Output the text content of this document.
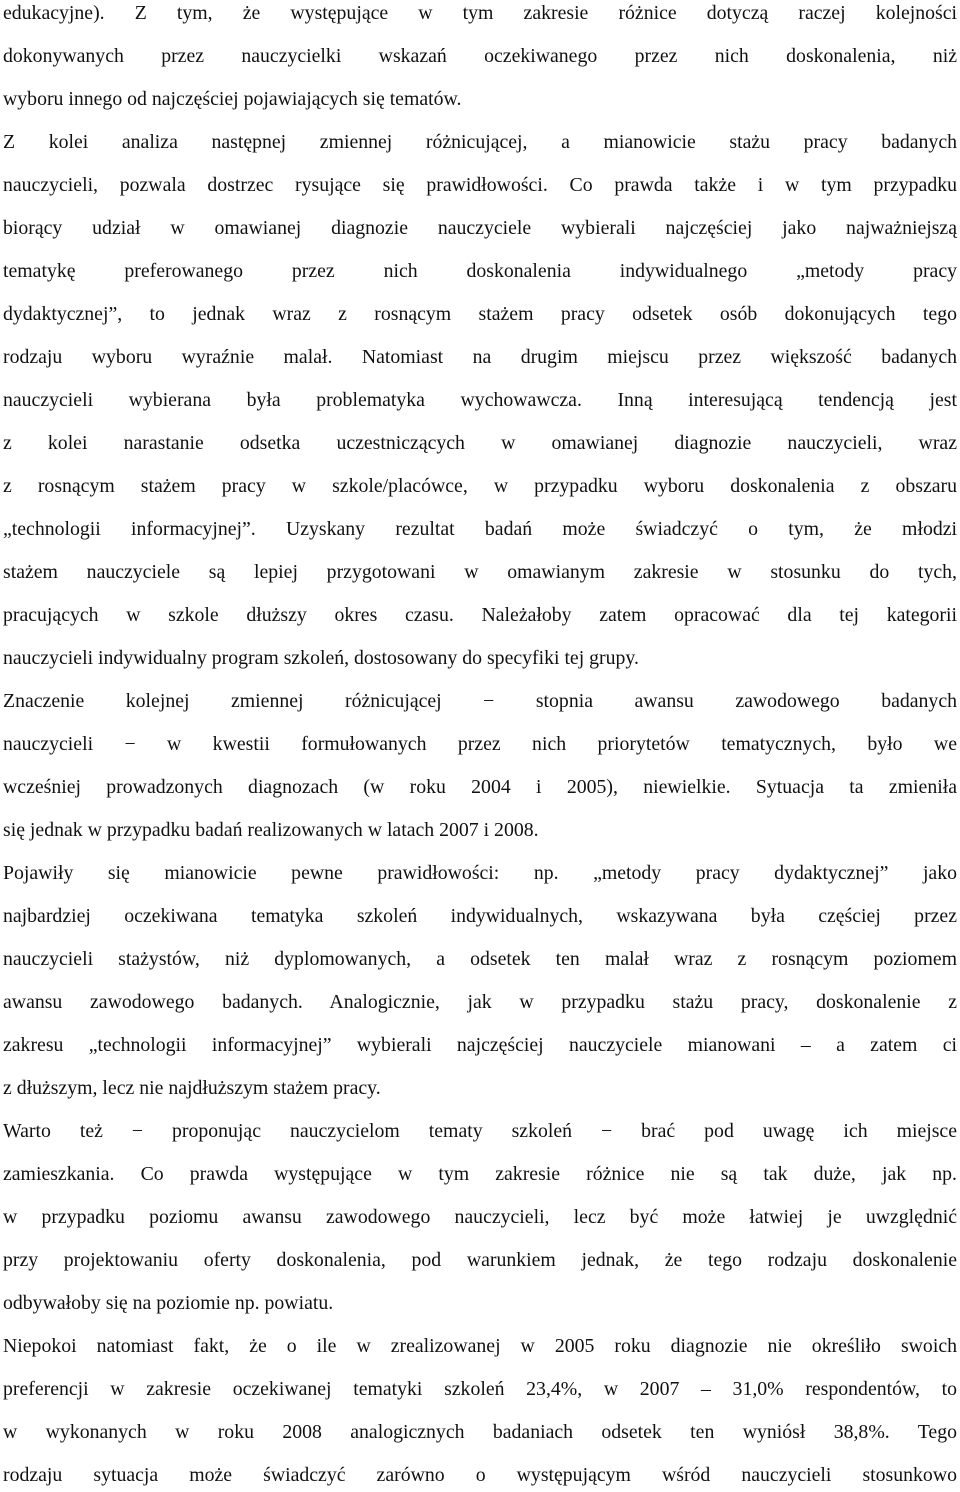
edukacyjne). Z tym, że występujące w tym zakresie różnice dotyczą raczej kolejności
dokonywanych przez nauczycielki wskazań oczekiwanego przez nich doskonalenia, niż
wyboru innego od najczęściej pojawiających się tematów.
Z kolei analiza następnej zmiennej różnicującej, a mianowicie stażu pracy badanych
nauczycieli, pozwala dostrzec rysujące się prawidłowości. Co prawda także i w tym przypadku
biorący udział w omawianej diagnozie nauczyciele wybierali najczęściej jako najważniejszą
tematykę preferowanego przez nich doskonalenia indywidualnego „metody pracy
dydaktycznej”, to jednak wraz z rosnącym stażem pracy odsetek osób dokonujących tego
rodzaju wyboru wyraźnie malał. Natomiast na drugim miejscu przez większość badanych
nauczycieli wybierana była problematyka wychowawcza. Inną interesującą tendencją jest
z kolei narastanie odsetka uczestniczących w omawianej diagnozie nauczycieli, wraz
z rosnącym stażem pracy w szkole/placówce, w przypadku wyboru doskonalenia z obszaru
„technologii informacyjnej”. Uzyskany rezultat badań może świadczyć o tym, że młodzi
stażem nauczyciele są lepiej przygotowani w omawianym zakresie w stosunku do tych,
pracujących w szkole dłuższy okres czasu. Należałoby zatem opracować dla tej kategorii
nauczycieli indywidualny program szkoleń, dostosowany do specyfiki tej grupy.
Znaczenie kolejnej zmiennej różnicującej − stopnia awansu zawodowego badanych
nauczycieli − w kwestii formułowanych przez nich priorytetów tematycznych, było we
wcześniej prowadzonych diagnozach (w roku 2004 i 2005), niewielkie. Sytuacja ta zmieniła
się jednak w przypadku badań realizowanych w latach 2007 i 2008.
Pojawiły się mianowicie pewne prawidłowości: np. „metody pracy dydaktycznej” jako
najbardziej oczekiwana tematyka szkoleń indywidualnych, wskazywana była częściej przez
nauczycieli stażystów, niż dyplomowanych, a odsetek ten malał wraz z rosnącym poziomem
awansu zawodowego badanych. Analogicznie, jak w przypadku stażu pracy, doskonalenie z
zakresu „technologii informacyjnej” wybierali najczęściej nauczyciele mianowani – a zatem ci
z dłuższym, lecz nie najdłuższym stażem pracy.
Warto też − proponując nauczycielom tematy szkoleń − brać pod uwagę ich miejsce
zamieszkania. Co prawda występujące w tym zakresie różnice nie są tak duże, jak np.
w przypadku poziomu awansu zawodowego nauczycieli, lecz być może łatwiej je uwzględnić
przy projektowaniu oferty doskonalenia, pod warunkiem jednak, że tego rodzaju doskonalenie
odbywałoby się na poziomie np. powiatu.
Niepokoi natomiast fakt, że o ile w zrealizowanej w 2005 roku diagnozie nie określiło swoich
preferencji w zakresie oczekiwanej tematyki szkoleń 23,4%, w 2007 – 31,0% respondentów, to
w wykonanych w roku 2008 analogicznych badaniach odsetek ten wyniósł 38,8%. Tego
rodzaju sytuacja może świadczyć zarówno o występującym wśród nauczycieli stosunkowo
